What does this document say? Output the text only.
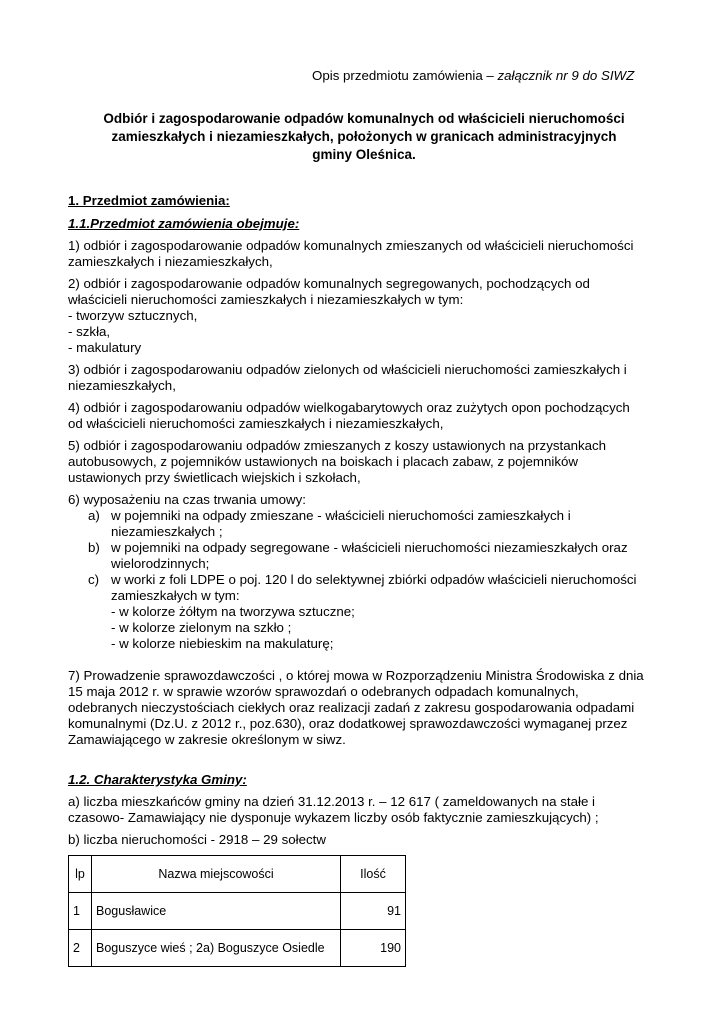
Opis przedmiotu zamówienia – załącznik nr 9 do SIWZ
Odbiór i zagospodarowanie odpadów komunalnych od właścicieli nieruchomości
zamieszkałych i niezamieszkałych, położonych w granicach administracyjnych
gminy Oleśnica.
1. Przedmiot zamówienia:
1.1.Przedmiot zamówienia obejmuje:
1) odbiór i zagospodarowanie odpadów komunalnych zmieszanych od właścicieli nieruchomości
zamieszkałych i niezamieszkałych,
2) odbiór i zagospodarowanie odpadów komunalnych segregowanych, pochodzących od
właścicieli nieruchomości zamieszkałych i niezamieszkałych w tym:
- tworzyw sztucznych,
- szkła,
- makulatury
3) odbiór i zagospodarowaniu odpadów zielonych od właścicieli nieruchomości zamieszkałych i
niezamieszkałych,
4) odbiór i zagospodarowaniu odpadów wielkogabarytowych oraz zużytych opon pochodzących
od właścicieli nieruchomości zamieszkałych i niezamieszkałych,
5) odbiór i zagospodarowaniu odpadów zmieszanych z koszy ustawionych na przystankach
autobusowych, z pojemników ustawionych na boiskach i placach zabaw, z pojemników
ustawionych przy świetlicach wiejskich i szkołach,
6) wyposażeniu na czas trwania umowy:
a) w pojemniki na odpady zmieszane - właścicieli nieruchomości zamieszkałych i
niezamieszkałych ;
b) w pojemniki na odpady segregowane - właścicieli nieruchomości niezamieszkałych oraz
wielorodzinnych;
c) w worki z foli LDPE o poj. 120 l do selektywnej zbiórki odpadów właścicieli nieruchomości
zamieszkałych w tym:
- w kolorze żółtym na tworzywa sztuczne;
- w kolorze zielonym na szkło ;
- w kolorze niebieskim na makulaturę;
7) Prowadzenie sprawozdawczości , o której mowa w Rozporządzeniu Ministra Środowiska z dnia
15 maja 2012 r. w sprawie wzorów sprawozdań o odebranych odpadach komunalnych,
odebranych nieczystościach ciekłych oraz realizacji zadań z zakresu gospodarowania odpadami
komunalnymi (Dz.U. z 2012 r., poz.630), oraz dodatkowej sprawozdawczości wymaganej przez
Zamawiającego w zakresie określonym w siwz.
1.2. Charakterystyka Gminy:
a) liczba mieszkańców gminy na dzień 31.12.2013 r. – 12 617 ( zameldowanych na stałe i
czasowo- Zamawiający nie dysponuje wykazem liczby osób faktycznie zamieszkujących) ;
b) liczba nieruchomości - 2918 – 29 sołectw
lp	Nazwa miejscowości	Ilość
1	Bogusławice	91
2	Boguszyce wieś ; 2a) Boguszyce Osiedle	190
